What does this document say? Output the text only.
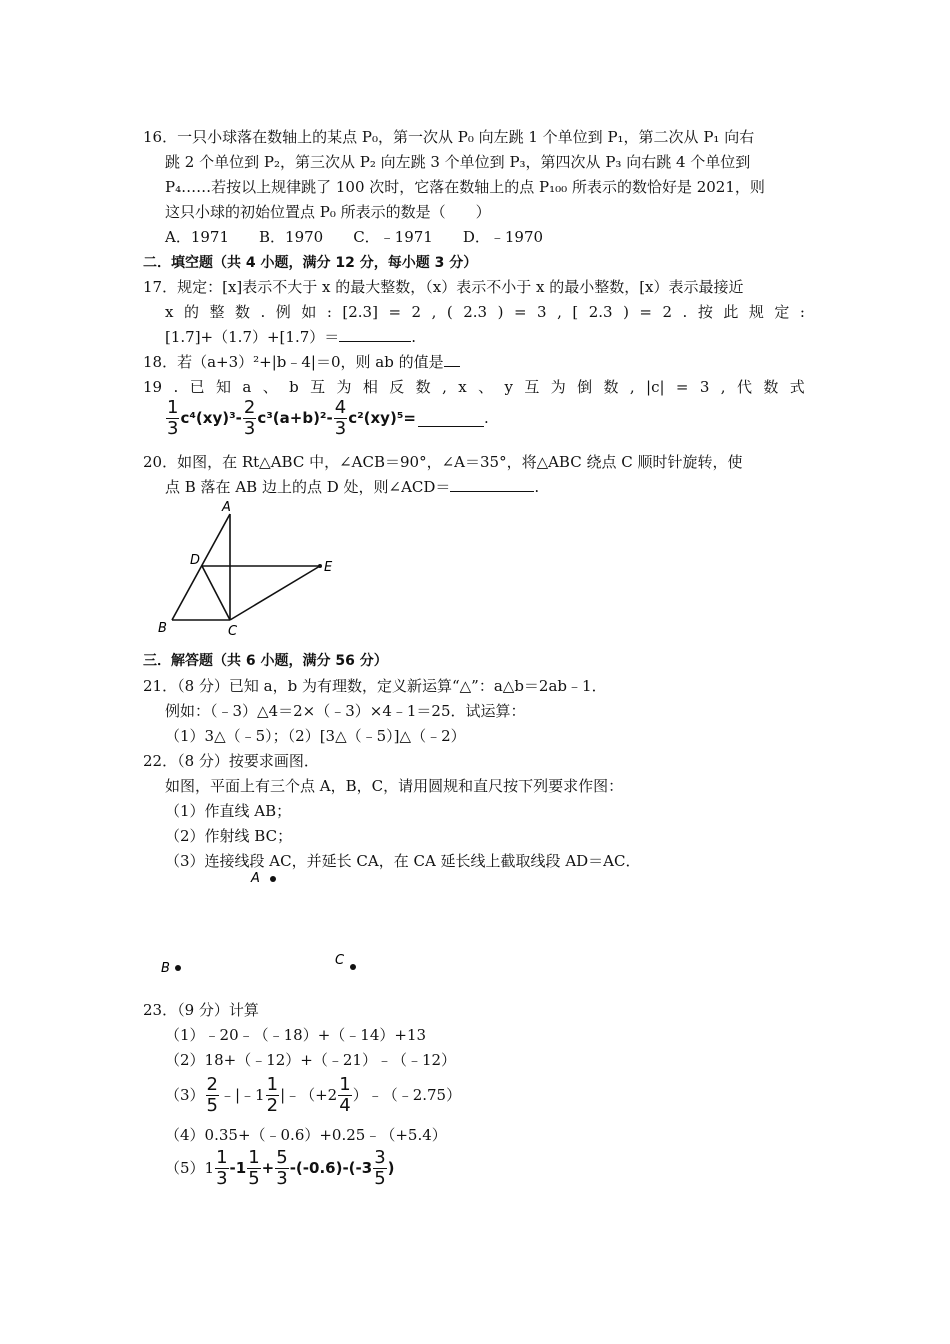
16．一只小球落在数轴上的某点 P₀，第一次从 P₀ 向左跳 1 个单位到 P₁，第二次从 P₁ 向右
跳 2 个单位到 P₂，第三次从 P₂ 向左跳 3 个单位到 P₃，第四次从 P₃ 向右跳 4 个单位到
P₄……若按以上规律跳了 100 次时，它落在数轴上的点 P₁₀₀ 所表示的数恰好是 2021，则
这只小球的初始位置点 P₀ 所表示的数是（　　）
A．1971　　B．1970　　C．﹣1971　　D．﹣1970
二．填空题（共 4 小题，满分 12 分，每小题 3 分）
17．规定：[x]表示不大于 x 的最大整数，（x）表示不小于 x 的最小整数，[x）表示最接近
x 的 整 数 . 例 如 : [2.3] = 2 , ( 2.3 ) = 3 , [ 2.3 ) = 2 . 按 此 规 定 :
[1.7]+（1.7）+[1.7）＝	.
18．若（a+3）²+|b﹣4|＝0，则 ab 的值是
19 . 已 知 a 、 b 互 为 相 反 数 , x 、 y 互 为 倒 数 , |c| = 3 , 代 数 式
$\frac{1}{3} c^4(xy)^3- \frac{2}{3} c^3(a+b)^2- \frac{4}{3} c^2(xy)^5=$	.
20．如图，在 Rt△ABC 中，∠ACB＝90°，∠A＝35°，将△ABC 绕点 C 顺时针旋转，使
点 B 落在 AB 边上的点 D 处，则∠ACD＝	.
A
D	E
B	C
三．解答题（共 6 小题，满分 56 分）
21．（8 分）已知 a，b 为有理数，定义新运算“△”：a△b＝2ab﹣1．
例如：（﹣3）△4＝2×（﹣3）×4﹣1＝25．试运算：
（1）3△（﹣5）；（2）[3△（﹣5）]△（﹣2）
22．（8 分）按要求画图．
如图，平面上有三个点 A，B，C，请用圆规和直尺按下列要求作图：
（1）作直线 AB；
（2）作射线 BC；
（3）连接线段 AC，并延长 CA，在 CA 延长线上截取线段 AD＝AC．
A
B
C
23．（9 分）计算
（1）﹣20﹣（﹣18）+（﹣14）+13
（2）18+（﹣12）+（﹣21）﹣（﹣12）
$(3) \frac{2}{5}$ ﹣|﹣1 $\frac{1}{2}$ |﹣（+2 $\frac{1}{4}$ ）﹣（﹣2.75）
（4）0.35+（﹣0.6）+0.25﹣（+5.4）
$(5)1 \frac{1}{3} -1 \frac{1}{5} + \frac{5}{3} -(-0.6)-(-3 \frac{3}{5}$ )
